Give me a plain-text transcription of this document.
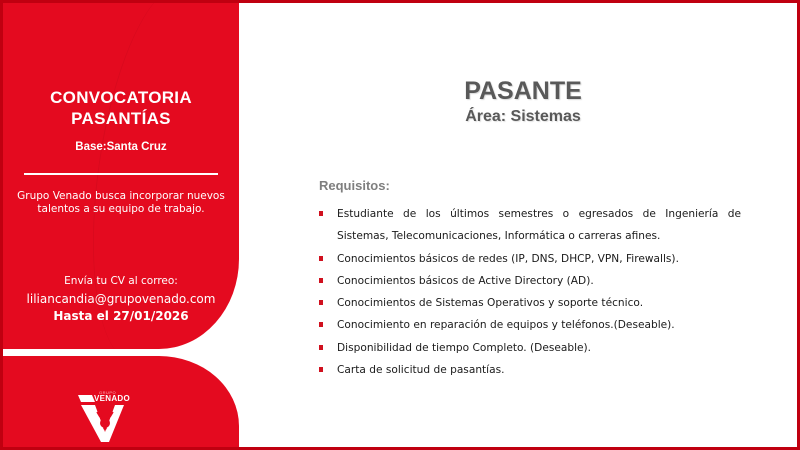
CONVOCATORIA
PASANTÍAS
Base:Santa Cruz
Grupo Venado busca incorporar nuevos talentos a su equipo de trabajo.
Envía tu CV al correo:
liliancandia@grupovenado.com
Hasta el 27/01/2026
GRUPO
VENADO
PASANTE
Área: Sistemas
Requisitos:
Estudiante de los últimos semestres o egresados de Ingeniería de Sistemas, Telecomunicaciones, Informática o carreras afines.
Conocimientos básicos de redes (IP, DNS, DHCP, VPN, Firewalls).
Conocimientos básicos de Active Directory (AD).
Conocimientos de Sistemas Operativos y soporte técnico.
Conocimiento en reparación de equipos y teléfonos.(Deseable).
Disponibilidad de tiempo Completo. (Deseable).
Carta de solicitud de pasantías.
